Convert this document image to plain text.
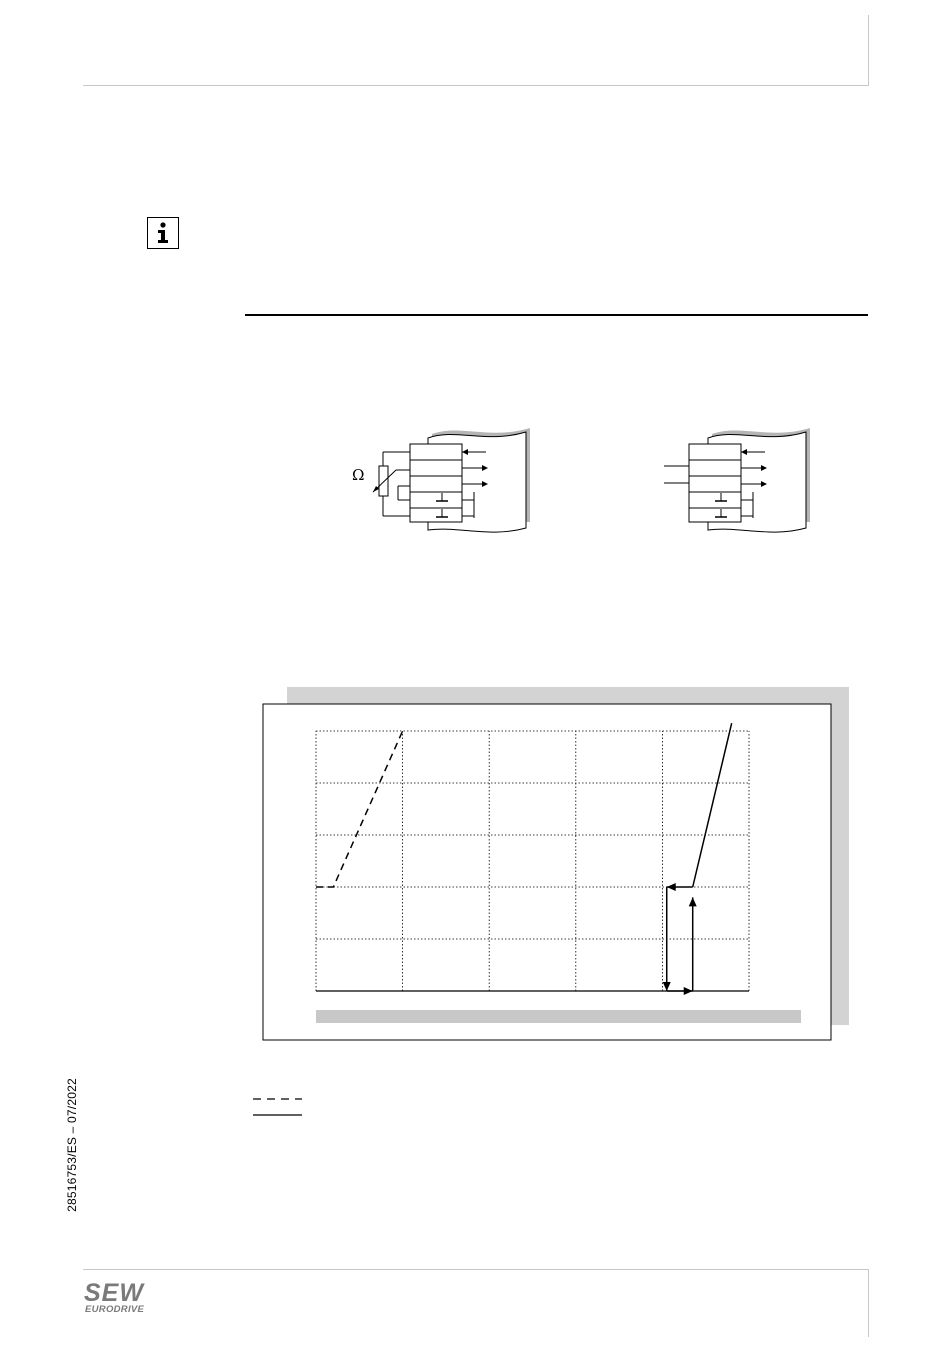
Ω
28516753/ES – 07/2022
SEW
EURODRIVE
